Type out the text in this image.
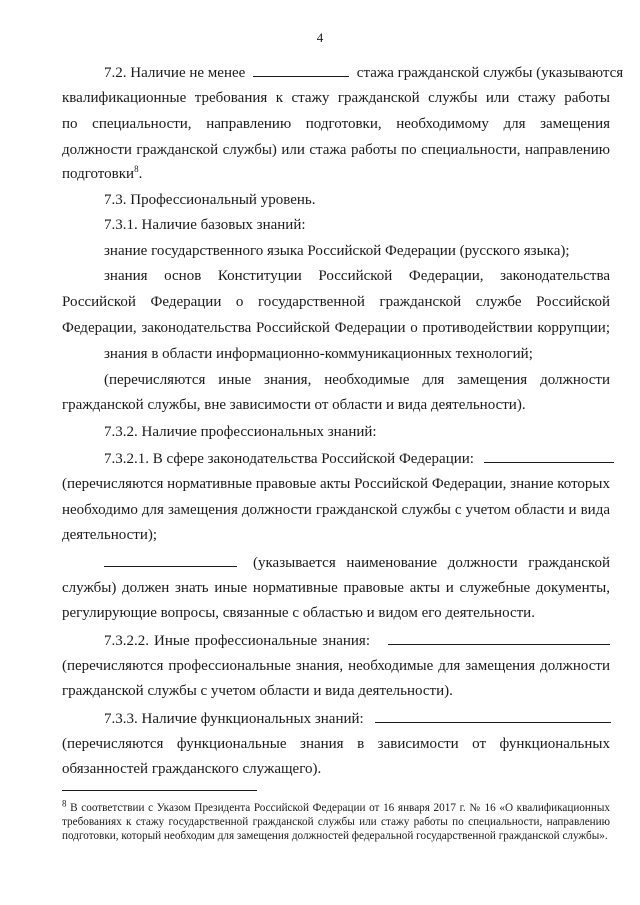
4
7.2. Наличие не менее	стажа гражданской службы (указываются
квалификационные требования к стажу гражданской службы или стажу работы
по специальности, направлению подготовки, необходимому для замещения
должности гражданской службы) или стажа работы по специальности, направлению
подготовки$^8$.
7.3. Профессиональный уровень.
7.3.1. Наличие базовых знаний:
знание государственного языка Российской Федерации (русского языка);
знания основ Конституции Российской Федерации, законодательства
Российской Федерации о государственной гражданской службе Российской
Федерации, законодательства Российской Федерации о противодействии коррупции;
знания в области информационно-коммуникационных технологий;
(перечисляются иные знания, необходимые для замещения должности
гражданской службы, вне зависимости от области и вида деятельности).
7.3.2. Наличие профессиональных знаний:
7.3.2.1. В сфере законодательства Российской Федерации:
(перечисляются нормативные правовые акты Российской Федерации, знание которых
необходимо для замещения должности гражданской службы с учетом области и вида
деятельности);
(указывается наименование должности гражданской
службы) должен знать иные нормативные правовые акты и служебные документы,
регулирующие вопросы, связанные с областью и видом его деятельности.
7.3.2.2. Иные профессиональные знания:
(перечисляются профессиональные знания, необходимые для замещения должности
гражданской службы с учетом области и вида деятельности).
7.3.3. Наличие функциональных знаний:
(перечисляются функциональные знания в зависимости от функциональных
обязанностей гражданского служащего).
$^8$ В соответствии с Указом Президента Российской Федерации от 16 января 2017 г. № 16 «О квалификационных
требованиях к стажу государственной гражданской службы или стажу работы по специальности, направлению
подготовки, который необходим для замещения должностей федеральной государственной гражданской службы».
